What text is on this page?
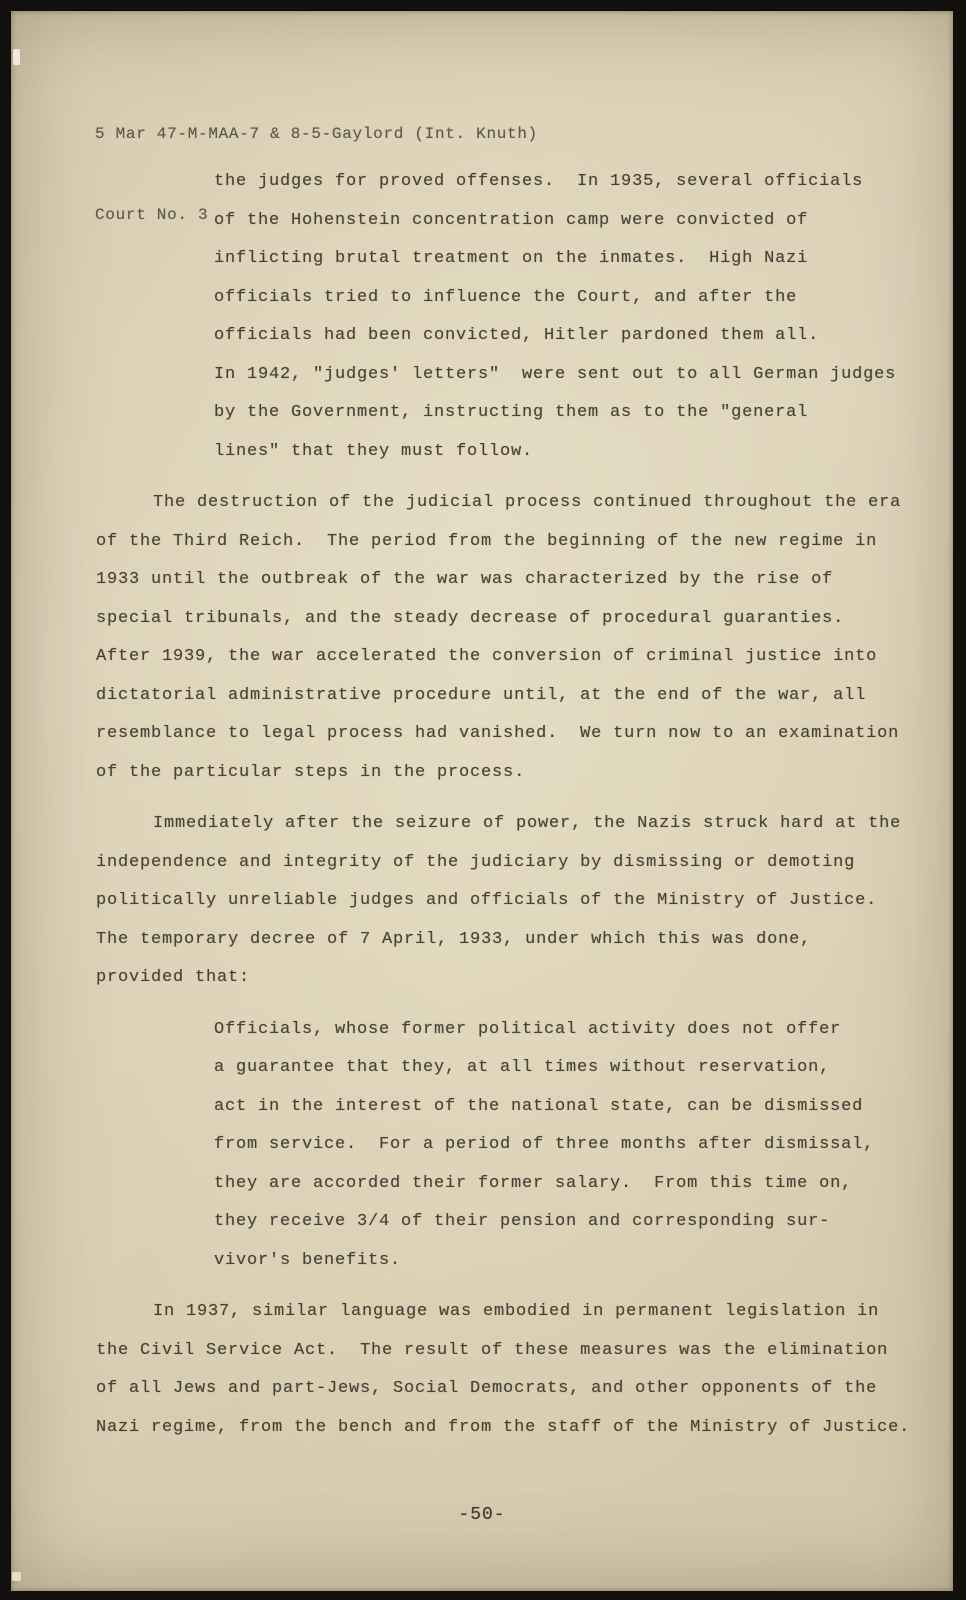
5 Mar 47-M-MAA-7 & 8-5-Gaylord (Int. Knuth)

Court No. 3

the judges for proved offenses.  In 1935, several officials
of the Hohenstein concentration camp were convicted of
inflicting brutal treatment on the inmates.  High Nazi
officials tried to influence the Court, and after the
officials had been convicted, Hitler pardoned them all.
In 1942, "judges' letters"  were sent out to all German judges
by the Government, instructing them as to the "general
lines" that they must follow.
The destruction of the judicial process continued throughout the era
of the Third Reich.  The period from the beginning of the new regime in
1933 until the outbreak of the war was characterized by the rise of
special tribunals, and the steady decrease of procedural guaranties.
After 1939, the war accelerated the conversion of criminal justice into
dictatorial administrative procedure until, at the end of the war, all
resemblance to legal process had vanished.  We turn now to an examination
of the particular steps in the process.
Immediately after the seizure of power, the Nazis struck hard at the
independence and integrity of the judiciary by dismissing or demoting
politically unreliable judges and officials of the Ministry of Justice.
The temporary decree of 7 April, 1933, under which this was done,
provided that:
Officials, whose former political activity does not offer
a guarantee that they, at all times without reservation,
act in the interest of the national state, can be dismissed
from service.  For a period of three months after dismissal,
they are accorded their former salary.  From this time on,
they receive 3/4 of their pension and corresponding sur-
vivor's benefits.
In 1937, similar language was embodied in permanent legislation in
the Civil Service Act.  The result of these measures was the elimination
of all Jews and part-Jews, Social Democrats, and other opponents of the
Nazi regime, from the bench and from the staff of the Ministry of Justice.
-50-
